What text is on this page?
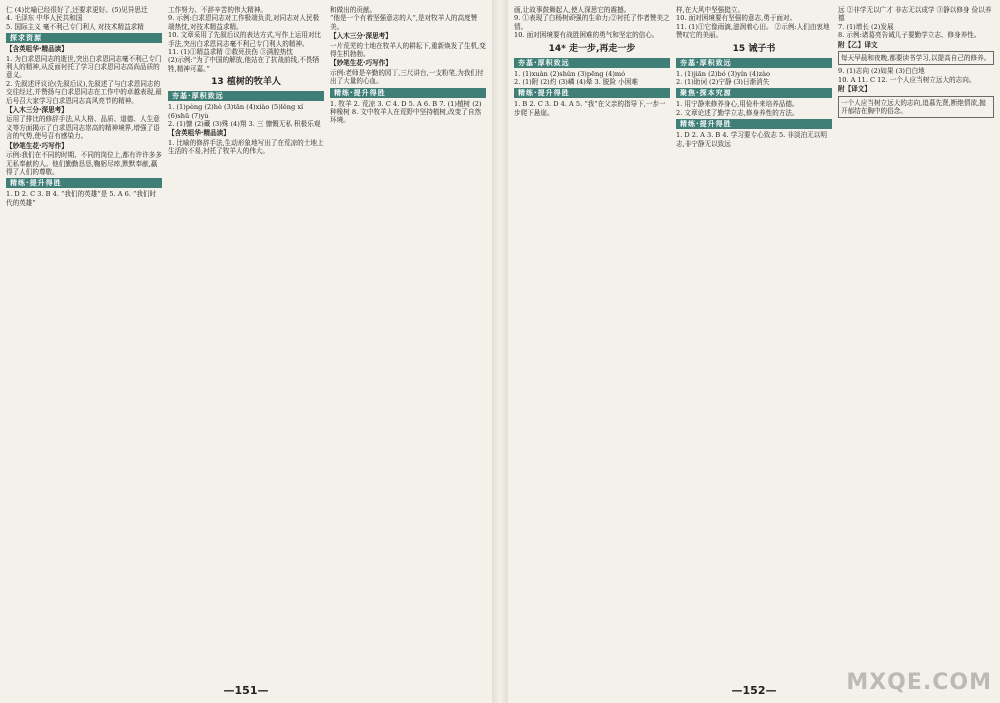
仁 (4)比喻已经很好了,还要求更好。(5)见异思迁

4. 毛泽东 中华人民共和国

5. 国际主义 毫不利己专门利人 对技术精益求精

探求资源
【含英咀华·精品读】

1. 为白求恩同志的逝世,突出白求恩同志毫不利己专门利人的精神,从反面衬托了学习白求恩同志高尚品质的意义。

2. 先叙述评议论(先叙后议),先叙述了与白求恩同志的交往经过,并赞扬与白求恩同志在工作中的卓越表现,最后号召大家学习白求恩同志高风亮节的精神。

【入木三分·深思考】

运用了排比的修辞手法,从人格、品质、道德、人生意义等方面揭示了白求恩同志崇高的精神境界,增强了语言的气势,使号召有感染力。

【妙笔生花·巧写作】

示例:我们在不同的时期、不同的岗位上,都有许许多多无私奉献的人。他们勤勤恳恳,鞠躬尽瘁,默默奉献,赢得了人们的尊敬。

精练·提升得胜

1. D 2. C 3. B 4. “我们的英雄”是 5. A 6. “我们时代的英雄”

工作努力、不辞辛苦的伟大精神。

9. 示例:白求恩同志对工作极端负责,对同志对人民极端热忱,对技术精益求精。

10. 文章采用了先叙后议的表达方式,写作上运用对比手法,突出白求恩同志毫不利己专门利人的精神。

11. (1)①精益求精 ②救死扶伤 ③满腔热忱

(2)示例:“为了中国的解放,他站在了抗战前线,不畏牺牲,精神可嘉。”

13 植树的牧羊人
夯基·厚积致远

1. (1)pèng (2)hè (3)tān (4)xiào (5)lěng xí (6)shū (7)yù

2. (1)慷 (2)藏 (3)殊 (4)翔 3. 三 慷慨无私 积极乐观

【含英咀华·精品读】

1. 比喻的修辞手法,生动形象地写出了在荒凉的土地上生活的不易,衬托了牧羊人的伟大。

和做出的贡献。

“他是一个有着坚强意志的人”,是对牧羊人的高度赞美。

【入木三分·深思考】

一片荒芜的土地在牧羊人的耕耘下,重新焕发了生机,变得生机勃勃。

【妙笔生花·巧写作】

示例:老师是辛勤的园丁,三尺讲台,一支粉笔,为我们付出了大量的心血。

精练·提升得胜

1. 牧羊 2. 荒凉 3. C 4. D 5. A 6. B 7. (1)植树 (2)种橡树 8. 文中牧羊人在荒野中坚持植树,改变了自然环境。

—151—

画,让故事鼓舞起人,使人深思它的震撼。

9. ①表现了白杨树顽强的生命力;②衬托了作者赞美之情。

10. 面对困境要有战胜困难的勇气和坚定的信心。

14* 走一步,再走一步
夯基·厚积致远

1. (1)xuàn (2)shǔn (3)pēng (4)mó

2. (1)附 (2)灼 (3)嶙 (4)晕 3. 脱险 小困难

精练·提升得胜

1. B 2. C 3. D 4. A 5. “我”在父亲的指导下,一步一步爬下悬崖。

样,在大风中坚强挺立。

10. 面对困境要有坚强的意志,勇于面对。

11. (1)①它像雨滴,滋润着心田。 ②示例:人们由衷地赞叹它的美丽。

15 诫子书
夯基·厚积致远

1. (1)jiān (2)bó (3)yín (4)zào

2. (1)助词 (2)宁静 (3)日渐消失

聚焦·探本究源

1. 用宁静来修养身心,用俭朴来培养品德。

2. 文章论述了勤学立志,修身养性的方法。

精练·提升得胜

1. D 2. A 3. B 4. 学习要专心致志 5. 非淡泊无以明志,非宁静无以致远

远 ②非学无以广才 非志无以成学 ③静以修身 俭以养德

7. (1)增长 (2)发展

8. 示例:诸葛亮告诫儿子要勤学立志、修身养性。

附【乙】译文

每天早晨和夜晚,都要读书学习,以提高自己的修养。

9. (1)志向 (2)如果 (3)白白地

10. A 11. C 12. 一个人应当树立远大的志向。

附【译文】

一个人应当树立远大的志向,追慕先贤,断绝情欲,抛开郁结在胸中的俗念。

—152—	MXQE.COM
